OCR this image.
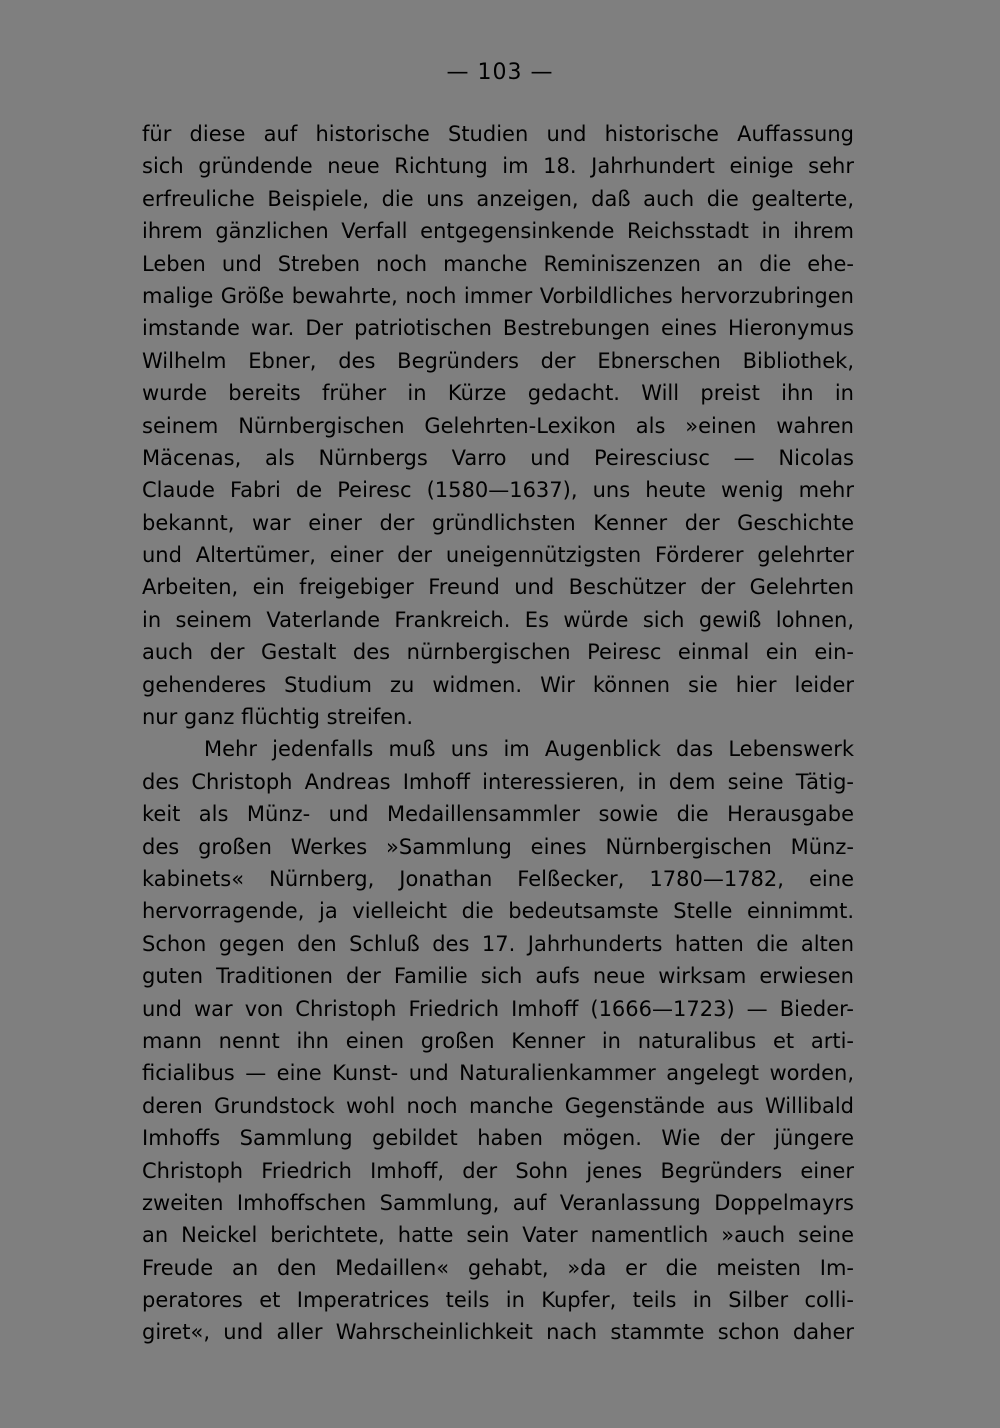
— 103 —
für diese auf historische Studien und historische Auffassung
sich gründende neue Richtung im 18. Jahrhundert einige sehr
erfreuliche Beispiele, die uns anzeigen, daß auch die gealterte,
ihrem gänzlichen Verfall entgegensinkende Reichsstadt in ihrem
Leben und Streben noch manche Reminiszenzen an die ehe-
malige Größe bewahrte, noch immer Vorbildliches hervorzubringen
imstande war. Der patriotischen Bestrebungen eines Hieronymus
Wilhelm Ebner, des Begründers der Ebnerschen Bibliothek,
wurde bereits früher in Kürze gedacht. Will preist ihn in
seinem Nürnbergischen Gelehrten-Lexikon als »einen wahren
Mäcenas, als Nürnbergs Varro und Peiresciusc — Nicolas
Claude Fabri de Peiresc (1580—1637), uns heute wenig mehr
bekannt, war einer der gründlichsten Kenner der Geschichte
und Altertümer, einer der uneigennützigsten Förderer gelehrter
Arbeiten, ein freigebiger Freund und Beschützer der Gelehrten
in seinem Vaterlande Frankreich. Es würde sich gewiß lohnen,
auch der Gestalt des nürnbergischen Peiresc einmal ein ein-
gehenderes Studium zu widmen. Wir können sie hier leider
nur ganz flüchtig streifen.
Mehr jedenfalls muß uns im Augenblick das Lebenswerk
des Christoph Andreas Imhoff interessieren, in dem seine Tätig-
keit als Münz- und Medaillensammler sowie die Herausgabe
des großen Werkes »Sammlung eines Nürnbergischen Münz-
kabinets« Nürnberg, Jonathan Felßecker, 1780—1782, eine
hervorragende, ja vielleicht die bedeutsamste Stelle einnimmt.
Schon gegen den Schluß des 17. Jahrhunderts hatten die alten
guten Traditionen der Familie sich aufs neue wirksam erwiesen
und war von Christoph Friedrich Imhoff (1666—1723) — Bieder-
mann nennt ihn einen großen Kenner in naturalibus et arti-
ficialibus — eine Kunst- und Naturalienkammer angelegt worden,
deren Grundstock wohl noch manche Gegenstände aus Willibald
Imhoffs Sammlung gebildet haben mögen. Wie der jüngere
Christoph Friedrich Imhoff, der Sohn jenes Begründers einer
zweiten Imhoffschen Sammlung, auf Veranlassung Doppelmayrs
an Neickel berichtete, hatte sein Vater namentlich »auch seine
Freude an den Medaillen« gehabt, »da er die meisten Im-
peratores et Imperatrices teils in Kupfer, teils in Silber colli-
giret«, und aller Wahrscheinlichkeit nach stammte schon daher
